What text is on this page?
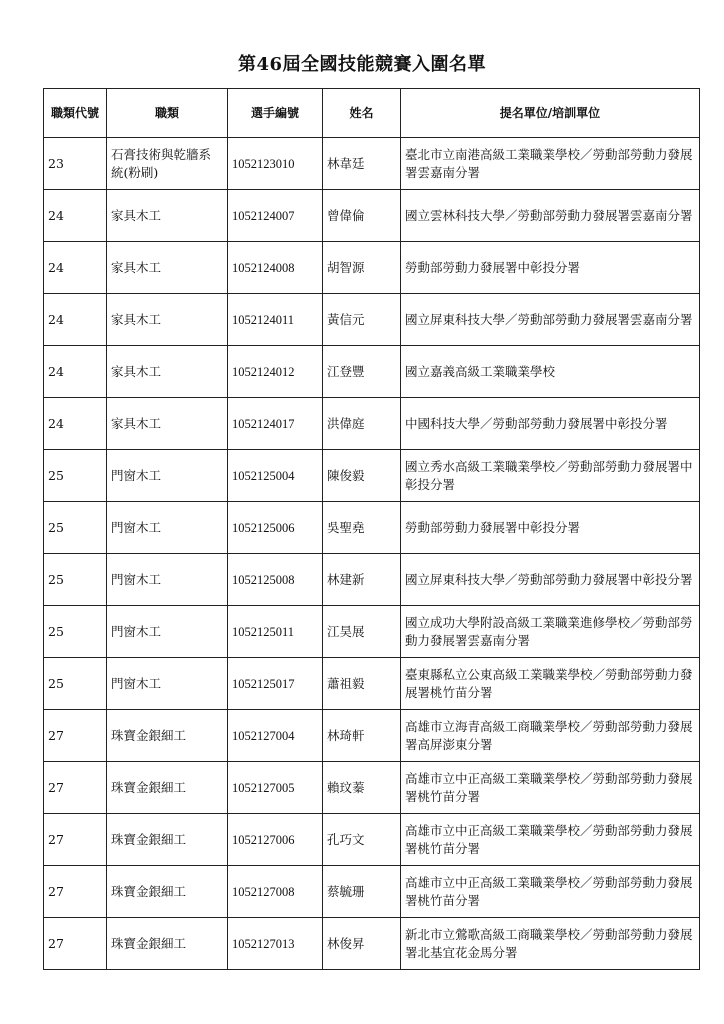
第46屆全國技能競賽入圍名單
職類代號	職類	選手編號	姓名	提名單位/培訓單位
23	石膏技術與乾牆系統(粉刷)	1052123010	林韋廷	臺北市立南港高級工業職業學校／勞動部勞動力發展署雲嘉南分署
24	家具木工	1052124007	曾偉倫	國立雲林科技大學／勞動部勞動力發展署雲嘉南分署
24	家具木工	1052124008	胡智源	勞動部勞動力發展署中彰投分署
24	家具木工	1052124011	黃信元	國立屏東科技大學／勞動部勞動力發展署雲嘉南分署
24	家具木工	1052124012	江登豐	國立嘉義高級工業職業學校
24	家具木工	1052124017	洪偉庭	中國科技大學／勞動部勞動力發展署中彰投分署
25	門窗木工	1052125004	陳俊毅	國立秀水高級工業職業學校／勞動部勞動力發展署中彰投分署
25	門窗木工	1052125006	吳聖堯	勞動部勞動力發展署中彰投分署
25	門窗木工	1052125008	林建新	國立屏東科技大學／勞動部勞動力發展署中彰投分署
25	門窗木工	1052125011	江昊展	國立成功大學附設高級工業職業進修學校／勞動部勞動力發展署雲嘉南分署
25	門窗木工	1052125017	蕭祖毅	臺東縣私立公東高級工業職業學校／勞動部勞動力發展署桃竹苗分署
27	珠寶金銀細工	1052127004	林琦軒	高雄市立海青高級工商職業學校／勞動部勞動力發展署高屏澎東分署
27	珠寶金銀細工	1052127005	賴玟蓁	高雄市立中正高級工業職業學校／勞動部勞動力發展署桃竹苗分署
27	珠寶金銀細工	1052127006	孔巧文	高雄市立中正高級工業職業學校／勞動部勞動力發展署桃竹苗分署
27	珠寶金銀細工	1052127008	蔡毓珊	高雄市立中正高級工業職業學校／勞動部勞動力發展署桃竹苗分署
27	珠寶金銀細工	1052127013	林俊昇	新北市立鶯歌高級工商職業學校／勞動部勞動力發展署北基宜花金馬分署
